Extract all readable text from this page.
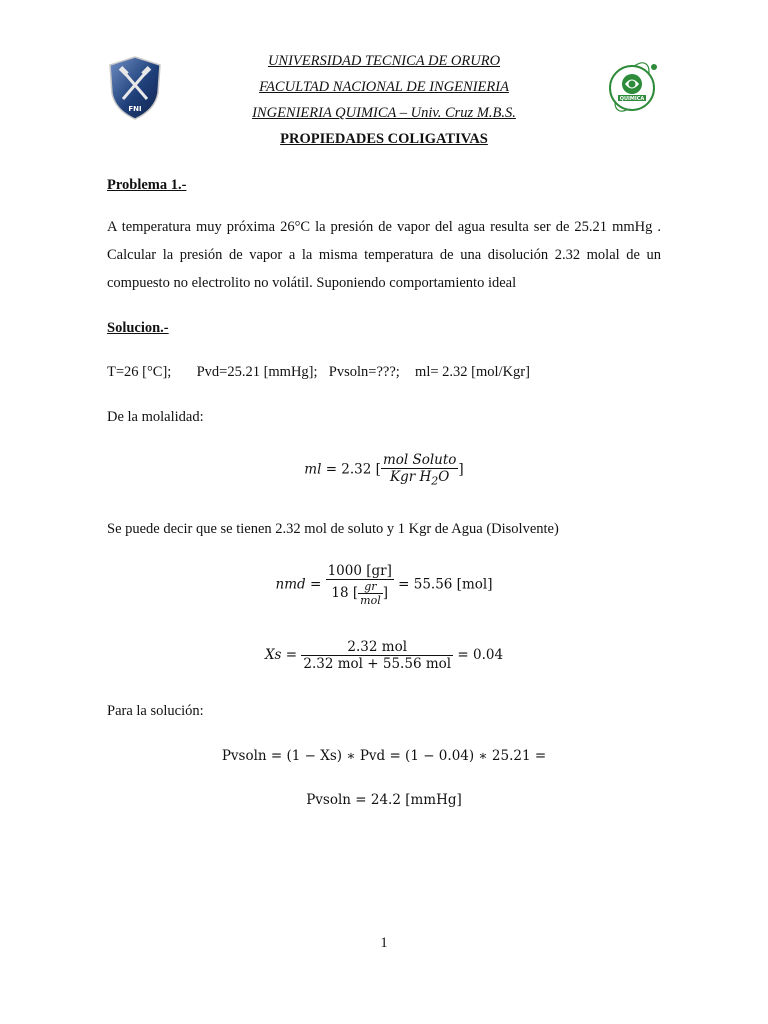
FNI
QUIMICA
UNIVERSIDAD TECNICA DE ORURO
FACULTAD NACIONAL DE INGENIERIA
INGENIERIA QUIMICA – Univ. Cruz M.B.S.
PROPIEDADES COLIGATIVAS
Problema 1.-
A temperatura muy próxima 26°C la presión de vapor del agua resulta ser de 25.21 mmHg .
Calcular la presión de vapor a la misma temperatura de una disolución 2.32 molal de un
compuesto no electrolito no volátil. Suponiendo comportamiento ideal
Solucion.-
T=26 [°C]; Pvd=25.21 [mmHg]; Pvsoln=???; ml= 2.32 [mol/Kgr]
De la molalidad:
ml = 2.32 [ $\frac{\text{mol Soluto}}{Kgr H_2O}$ ]
Se puede decir que se tienen 2.32 mol de soluto y 1 Kgr de Agua (Disolvente)
nmd = $\frac{1000 [gr]}{18 [ \frac{gr}{\text{mol}} ]} = 55.56$ [mol]
$Xs = \frac{\text{2.32 mol}}{\text{2.32 mol + 55.56 mol}} = 0.04$
Para la solución:
Pvsoln = (1 − Xs) ∗ Pvd = (1 − 0.04) ∗ 25.21 =
Pvsoln = 24.2 [mmHg]
1
